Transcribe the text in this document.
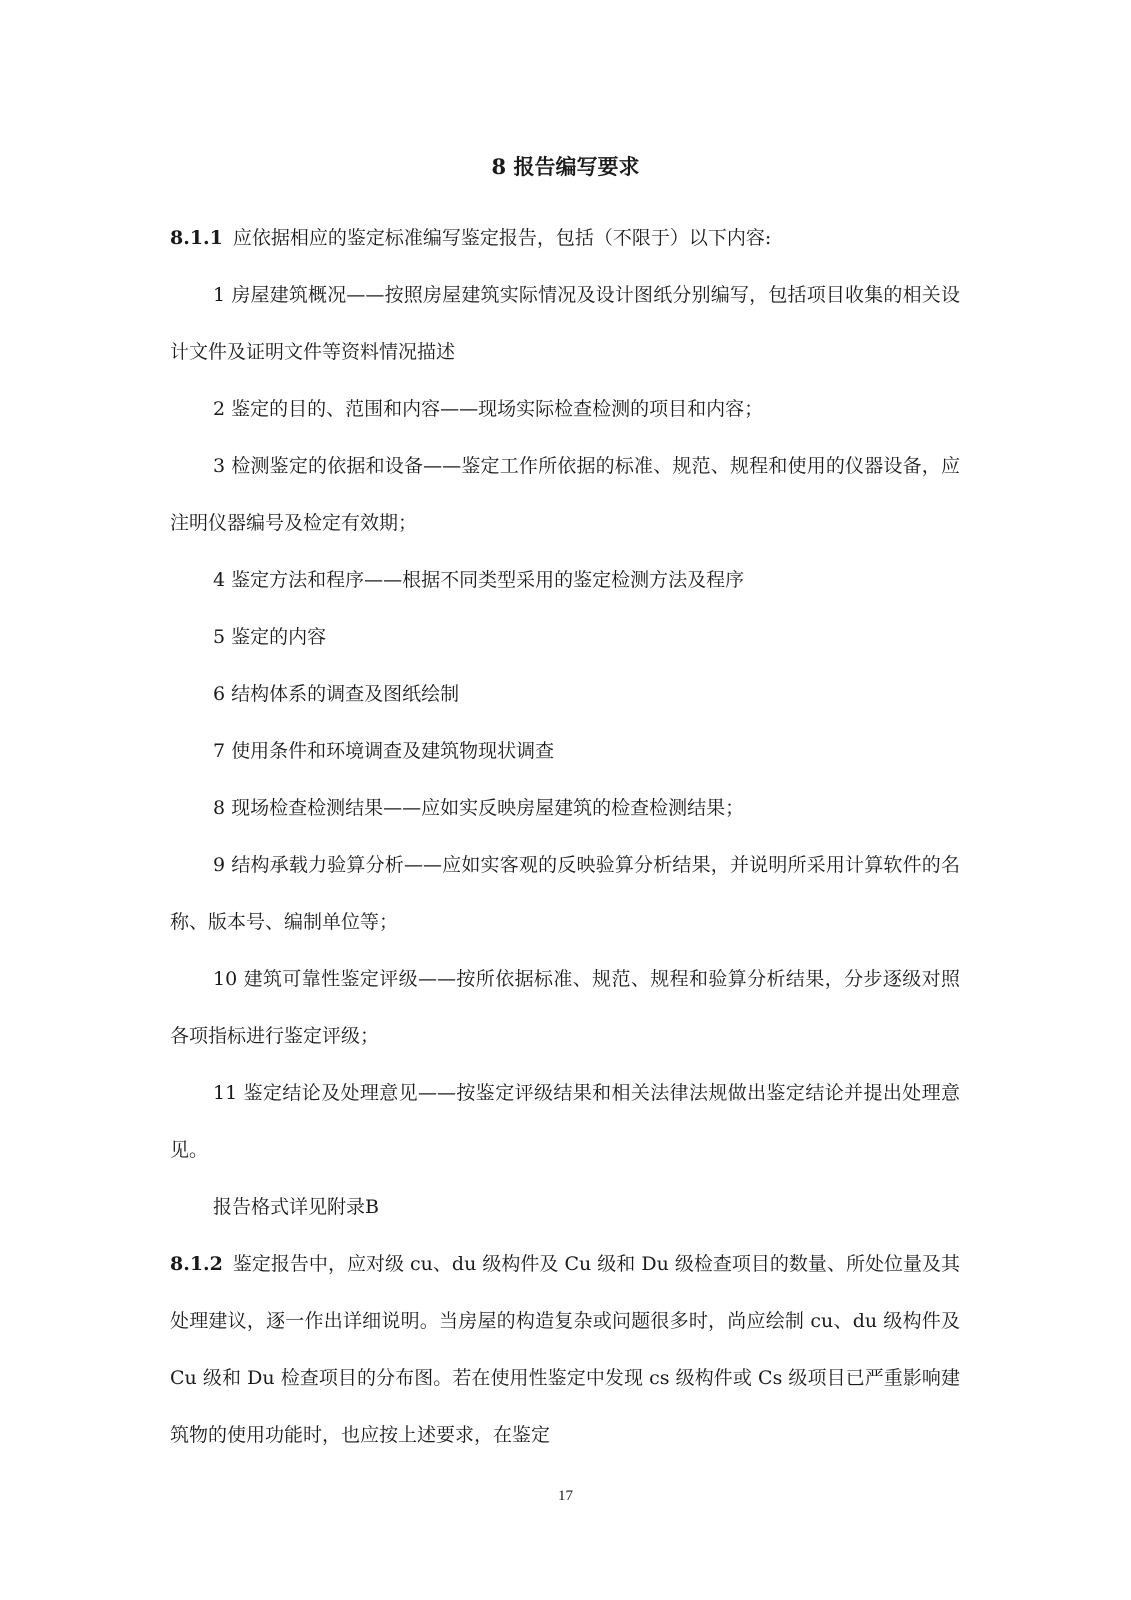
8 报告编写要求

8.1.1 应依据相应的鉴定标准编写鉴定报告，包括（不限于）以下内容:

1 房屋建筑概况——按照房屋建筑实际情况及设计图纸分别编写，包括项目收集的相关设计文件及证明文件等资料情况描述

2 鉴定的目的、范围和内容——现场实际检查检测的项目和内容；

3 检测鉴定的依据和设备——鉴定工作所依据的标准、规范、规程和使用的仪器设备，应注明仪器编号及检定有效期；

4 鉴定方法和程序——根据不同类型采用的鉴定检测方法及程序

5 鉴定的内容

6 结构体系的调查及图纸绘制

7 使用条件和环境调查及建筑物现状调查

8 现场检查检测结果——应如实反映房屋建筑的检查检测结果；

9 结构承载力验算分析——应如实客观的反映验算分析结果，并说明所采用计算软件的名称、版本号、编制单位等；

10 建筑可靠性鉴定评级——按所依据标准、规范、规程和验算分析结果，分步逐级对照各项指标进行鉴定评级；

11 鉴定结论及处理意见——按鉴定评级结果和相关法律法规做出鉴定结论并提出处理意见。

报告格式详见附录B

8.1.2 鉴定报告中，应对级 cu、du 级构件及 Cu 级和 Du 级检查项目的数量、所处位量及其处理建议，逐一作出详细说明。当房屋的构造复杂或问题很多时，尚应绘制 cu、du 级构件及 Cu 级和 Du 检查项目的分布图。若在使用性鉴定中发现 cs 级构件或 Cs 级项目已严重影响建筑物的使用功能时，也应按上述要求，在鉴定

17
